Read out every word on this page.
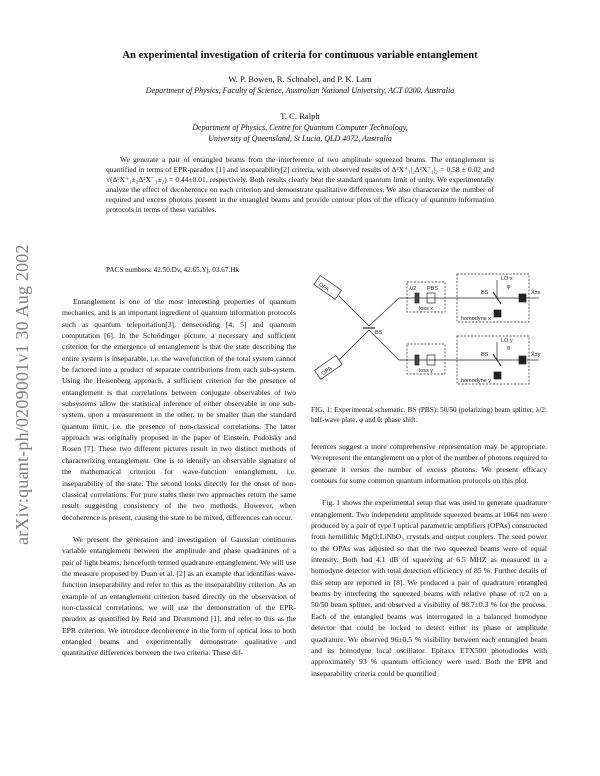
An experimental investigation of criteria for continuous variable entanglement
W. P. Bowen, R. Schnabel, and P. K. Lam
Department of Physics, Faculty of Science, Australian National University, ACT 0200, Australia
T. C. Ralph
Department of Physics, Centre for Quantum Computer Technology,
University of Queensland, St Lucia, QLD 4072, Australia

We generate a pair of entangled beams from the interference of two amplitude squeezed beams. The entanglement is quantified in terms of EPR-paradox [1] and inseparability[2] criteria, with observed results of Δ²X⁺₁|₂Δ²X⁻₁|₂ = 0.58 ± 0.02 and √(Δ²X⁺₁±₂Δ²X⁻₁±₂) = 0.44±0.01, respectively. Both results clearly beat the standard quantum limit of unity. We experimentally analyze the effect of decoherence on each criterion and demonstrate qualitative differences. We also characterize the number of required and excess photons present in the entangled beams and provide contour plots of the efficacy of quantum information protocols in terms of these variables.

PACS numbers: 42.50.Dv, 42.65.Yj, 03.67.Hk
arXiv:quant-ph/0209001v1 30 Aug 2002	Entanglement is one of the most interesting properties of quantum mechanics, and is an important ingredient of quantum information protocols such as quantum teleportation[3], densecoding [4, 5] and quantum computation [6]. In the Schrödinger picture, a necessary and sufficient criterion for the emergence of entanglement is that the state describing the entire system is inseparable, i.e. the wavefunction of the total system cannot be factored into a product of separate contributions from each sub-system. Using the Heisenberg approach, a sufficient criterion for the presence of entanglement is that correlations between conjugate observables of two subsystems allow the statistical inference of either observable in one sub-system, upon a measurement in the other, to be smaller than the standard quantum limit, i.e. the presence of non-classical correlations. The latter approach was originally proposed in the paper of Einstein, Podolsky and Rosen [7]. These two different pictures result in two distinct methods of characterizing entanglement. One is to identify an observable signature of the mathematical criterion for wave-function entanglement, i.e. inseparability of the state. The second looks directly for the onset of non-classical correlations. For pure states these two approaches return the same result suggesting consistency of the two methods. However, when decoherence is present, causing the state to be mixed, differences can occur.

We present the generation and investigation of Gaussian continuous variable entanglement between the amplitude and phase quadratures of a pair of light beams; henceforth termed quadrature entanglement. We will use the measure proposed by Duan et al. [2] as an example that identifies wave-function inseparability and refer to this as the inseparability criterion. As an example of an entanglement criterion based directly on the observation of non-classical correlations, we will use the demonstration of the EPR-paradox as quantified by Reid and Drummond [1], and refer to this as the EPR criterion. We introduce decoherence in the form of optical loss to both entangled beams and experimentally demonstrate qualitative and quantitative differences between the two criteria. These dif-

OPA
OPA
BS
loss x
loss y
LO x
LO y
homodyne x
homodyne y
λ/2 PBS
BS
BS
φ
θ
X̂±x
X̂±y
FIG. 1: Experimental schematic. BS (PBS): 50/50 (polarizing) beam splitter, λ/2: half-wave plate, φ and θ: phase shift.

ferences suggest a more comprehensive representation may be appropriate. We represent the entanglement on a plot of the number of photons required to generate it versus the number of excess photons. We present efficacy contours for some common quantum information protocols on this plot.

Fig. 1 shows the experimental setup that was used to generate quadrature entanglement. Two independent amplitude squeezed beams at 1064 nm were produced by a pair of type I optical parametric amplifiers (OPAs) constructed from hemilithic MgO:LiNbO₃ crystals and output couplers. The seed power to the OPAs was adjusted so that the two squeezed beams were of equal intensity. Both had 4.1 dB of squeezing at 6.5 MHZ as measured in a homodyne detector with total detection efficiency of 85 %. Further details of this setup are reported in [8]. We produced a pair of quadrature entangled beams by interfering the squeezed beams with relative phase of π/2 on a 50/50 beam splitter, and observed a visibility of 98.7±0.3 % for the process. Each of the entangled beams was interrogated in a balanced homodyne detector that could be locked to detect either its phase or amplitude quadrature. We observed 96±0.5 % visibility between each entangled beam and its homodyne local oscillator. Epitaxx ETX500 photodiodes with approximately 93 % quantum efficiency were used. Both the EPR and inseparability criteria could be quantified
